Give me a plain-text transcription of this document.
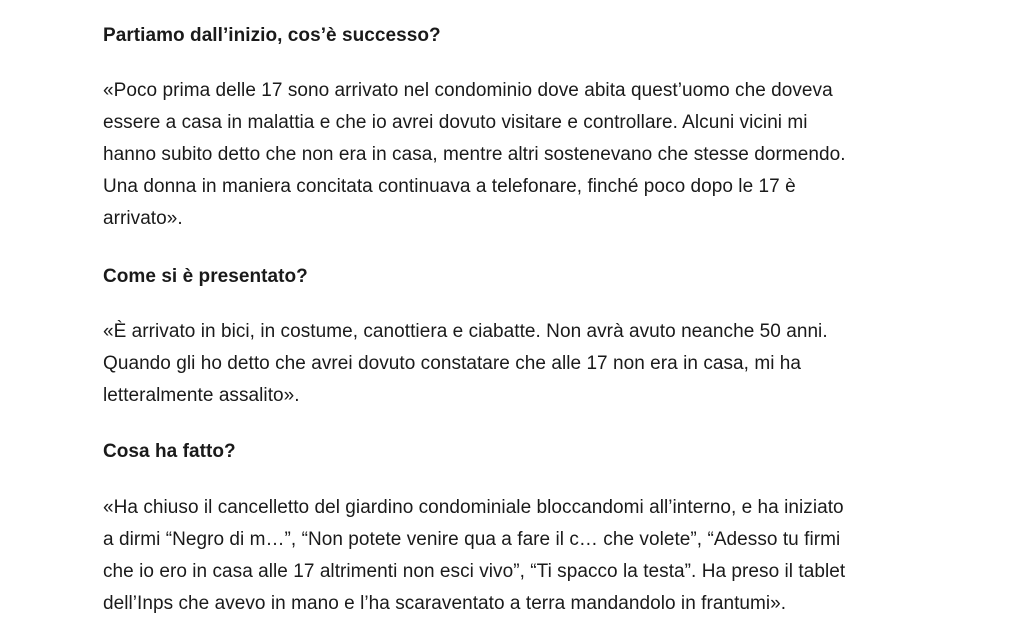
Partiamo dall’inizio, cos’è successo?

«Poco prima delle 17 sono arrivato nel condominio dove abita quest’uomo che doveva
essere a casa in malattia e che io avrei dovuto visitare e controllare. Alcuni vicini mi
hanno subito detto che non era in casa, mentre altri sostenevano che stesse dormendo.
Una donna in maniera concitata continuava a telefonare, finché poco dopo le 17 è
arrivato».

Come si è presentato?

«È arrivato in bici, in costume, canottiera e ciabatte. Non avrà avuto neanche 50 anni.
Quando gli ho detto che avrei dovuto constatare che alle 17 non era in casa, mi ha
letteralmente assalito».

Cosa ha fatto?

«Ha chiuso il cancelletto del giardino condominiale bloccandomi all’interno, e ha iniziato
a dirmi “Negro di m…”, “Non potete venire qua a fare il c… che volete”, “Adesso tu firmi
che io ero in casa alle 17 altrimenti non esci vivo”, “Ti spacco la testa”. Ha preso il tablet
dell’Inps che avevo in mano e l’ha scaraventato a terra mandandolo in frantumi».
